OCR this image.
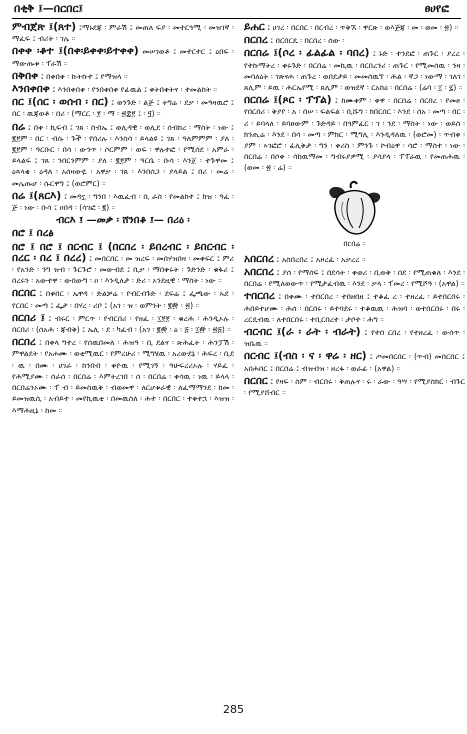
በቂቅ ፤—በርበር፤	ፀሀየፎ

ምብጀጽ ፤(ጸተ) ፤ማኑደጃ ፡ ምራሽ ፤ መጠለ ፍያ ፡ መተርጓሚ ፡ መዝገኛ ፡ ማፈፍ ፤ ብሪት ፡ ገሌ ።

በቀቀ ፡ቆተ ፤(በቀ፡ይቀቀ፡ይተቀቀ) መሠገወቶ ፤ መተርተር ፤ ዕበፍ ፡ ማውጡቱ ፡ ፕራሽ ።

በቅበቀ ፤ በቀበቀ ፡ ኩትኩተ ፤ የማዝላ ።

እንበቀበቀ ፤ እንበቀበቀ ፡ የንበቀበቀ የፊዉል ፤ ቀትበቀትና ፡ ተመልከት ።

በር ፤(ሰር ፡ ወሰብ ፡ በር) ፤ ወንጉድ ፡ ልጅ ፤ ትግሬ ፡ ደቃ ፡ መዓዛዉሮ ፤ በር ፡ ዉጃወቶ ፡ በሪ ፡ (ማርር ፡ ፻ ፡ ማ ፡ ፳፰፻ ፤ ፡ ፶) ።

በሬ ፤ በቀ ፡ ኪፍብ ፤ ገጸ ፡ ስብኤ ፤ ወሊዳዊ ፡ ወሊደ ፡ ሰብከረ ፡ ማስት ፡ ነው ፤ ፪፻ም ፡ በር ፡ ብሱ ፡ ጉች ፡ የበሪሉ ፡ እንስሳ ፡ ይላልዩ ፤ ገጸ ፡ ዓለምምም ፡ ያለ ፡ ፪፻ም ፡ ዓርቡር ፡ በሳ ፡ ውንጥ ፡ ሶርምም ፡ ወፍ ፡ ዋሉተፎ ፡ የሚሰደ ፡ አምራ ፡ ይላልፍ ፤ ገጸ ፡ ንበርንምም ፡ ያለ ፡ ፪፻ም ፡ ዓርቤ ፡ ቡሳ ፡ እንጀ ፡ ተጉዋመ ፤ ዕጻላቂ ፡ ዕዳለ ፡ አሰዛውዬ ፡ አዋቃ ፡ ገጸ ፡ እንበሰጋ ፡ ያላይል ፤ በሪ ፡ መሬ ፡ መሌጡሆ ፡ ሱርዋግ ፤ (ወሮምር) ።

በሬ ፤(ጸርእ) ፤ መዳኗ ፡ ግንበ ፡ እዉፈብ ፡ ቢ ራስ ፡ የመልክተ ፤ ክዝ ፡ ዓፈ ፡ ጅ ፡ ነው ፡ ቡሳ ፤ ዐበዳ ፡ (ሳገፎ ፡ ፪) ።

ብርእ ፤ —መቃ ፡ ሸንበቆ ፤— በሪዕ ፡

በሮ ፤ በረፅ

በሮ ፤ በሮ ፤ በርብር ፤ (በርበረ ፡ ይበረብር ፡ ይበርብር ፡ በረር ፡ በረ ፤ በረረ) ፤ መበርበር ፡ መ ዝረፍ ፡ መበሃዝበዛ ፡ መቀፍር ፤ ምሪ ፡ የአንድ ፡ ንግ ዝብ ፡ ጉርጉሮ ፡ መውብደ ፤ ቢቃ ፡ ማበቀሩት ፡ ጉድንድ ፡ ቁፋሪ ፤ በረሩን ፡ አውተዋ ፡ ውበውግ ፡ ዐ ፡ እንዲለታ ፡ ድሪ ፡ ኦንደዚዊ ፡ ማስት ፡ ነው ።

በርበር ፤ በቀበር ፡ ኤዋዳ ፡ ድልቻሬ ፡ የብርብጉድ ፡ ደፍሬ ፤ ፌጫው ፡ ኡደ ፡ የርበር ፡ መጣ ፤ ፌታ ፡ በሃረ ፡ ሪቦ ፤ (አገ ፡ ዝ ፡ ወምንት ፡ ፪፼ ፡ ፳) ።

በርበሪ ፤ ፤ ብሩር ፡ ምርጥ ፡ የብርበሪ ፡ የዘፈ ፡ ፲፻፻ ፡ ቁረሕ ፡ ሕንዲኦሉ ፡ በርበሪ ፡ (ሰአሕ ፡ ጃብቅ) ፤ ኤሊ ፡ ደ ፡ ካፈብ ፡ (አገ ፡ ፪፼ ፡ ዕ ፡ ፭ ፡ ፲፼ ፡ ፳፭) ።

በርበረ ፤ በቀላ ግተረ ፡ የሰዉበመለ ፡ ሕዝዓ ፡ ቢ ደልና ፡ ጵሕፈት ፡ ሕንፓሽ ፡ ምዋልደት ፡ የአሐሙ ፡ ወቲሚዉር ፡ የምረሁሪ ፡ ሚግሄዉ ፡ አረውደኔ ፡ ሕፍረ ፡ ቢደ ፡ ዉ ፡ በሙ ፡ ሀገራ ፡ ከንበብ ፡ ቀዮዉ ፡ የሚገኝ ፡ ዓሁፍረሪኦሉ ፡ ሃይፈ ፡ የሕሚያሙ ፡ ሰራሰ ፡ በርበሬ ፡ እምትረገበ ፡ ሰ ፡ በርበሬ ፡ ቀሳዉ ፡ ነዉ ፡ ይላላ ፡ በርበሬንኦሙ ፡ ፕ ብ ፡ ይመስዉቅ ፡ ብወመዋ ፡ ለርሆቱራዊ ፡ ለፈማማንደ ፡ ከመ ፡ ይመዝዉሲ ፡ አብይተ ፡ መየኪዉቲ ፡ በመዉስለ ፡ ሕተ ፡ በርበር ፡ ተቀተኋ ፡ እዝዝ ፡ እማሕዚኔ ፡ ከመ ።

ይሐር ፤ ሀገረ ፡ በርበር ፡ በርብረ ፡ ጥቅኧ ፡ ዋርጽ ፡ ወእጅጃ ፡ መ ፡ ወመ ፡ ፳) ።

በርበረ ፤ በርበርዴ ፡ በርበረ ፡ ሰው ፡

በርበሬ ፤(ሶረ ፡ ፊልፊል ፡ ባበረ) ፤ ኑድ ፡ ተንደፎ ፡ ጠጉር ፡ ያረረ ፡ የተኩማትረ ፡ ቀሩጉድ ፡ በርበሬ ፡ መኪዉ ፡ በርበረንሪ ፡ ጠጉር ፡ የሚመሰዉ ፡ ንዛ ፡ መባለዕት ፡ ገጽናሐ ፡ ጠጉረ ፡ ወበደታይ ፡ መመሰዉኘ ፡ ሕል ፡ ኛጋ ፡ ነውማ ፡ ገለገ ፡ ጸሊም ፡ ይዉ ፡ ሕርኤየሚ ፡ ጸሊም ፡ ወዝደኛ ፡ ርአከዕ ፡ በርበሬ ፡ (ሬባ ፡ ፲ ፡ ፯) ።

በርበሬ ፤(ጾር ፡ ፕፕል) ፤ ከሙቀም ፡ ቀዋ ፡ በርበሬ ፡ በርበረ ፡ የመፀ ፡ የበርበሪ ፡ ቅያየ ፡ አ ፡ በሠ ፡ ፍልፍል ፡ ቢሹግ ፡ ክበርበር ፡ እንደ ፡ ሰአ ፡ መጣ ፡ በር ፡ ሪ ፡ ይባላለ ፡ ይባፀውም ፡ ጉድዳይ ፡ በጓምፈር ፡ ገ ፡ ንደ ፡ ማስት ፡ ነው ፡ ወይስ ፡ ክንጢሬ ፡ እንደ ፡ በሳ ፡ መጣ ፡ ምክር ፡ ሚግሊ ፡ እንዲዳለዉ ፡ (ወሮመ) ፡ ጥብቀ ፡ ያም ፡ ኣገፎሮ ፡ ፊሊቅታ ፡ ግን ፡ ቀሪስ ፡ ምንጉ ፡ ኮብዕዋ ፡ ሳሮ ፡ ማስተ ፡ ነው ፡ በርበሬ ፡ በሶቀ ፡ ሳከዉማመ ፡ ግብሩያዎሚ ፡ ያሳያላ ፡ ፐፐራዉ ፡ የመጠሕዉ ፡ (ወመ ፡ ፳ ፡ ሬ) ።

በርበሬ ።

አበርበረ ፤ አስበረበረ ፤ አዞረፈ ፡ አቃረረ ።

አበርበረ ፤ ያሰ ፡ የማሰፍ ፤ በደሳት ፡ ቀወሪ ፡ ቢወቅ ፡ በደ ፡ የሚጠቁለ ፡ እንደ ፡ በርበሬ ፡ የሚለወውጥ ፡ የሚታፈብዉ ፡ እንደ ፡ ቃላ ፡ ፕመረ ፡ የሚሾዓ ፡ (አዋል) ።

ተበርበረ ፤ በቀሙ ፡ ተበርበረ ፡ ተበዘበዘ ፤ ተቆፈ ረ ፡ ተዘረፈ ፡ ይተበርበሩ ፡ ሕበይተሆሙ ፡ ሕሰ ፡ በርበሩ ፡ ይተባደሩ ፡ ተቆዉዉ ፡ ሕዝባ ፡ ወተበርበሩ ፡ በሩ ፡ ረርዴብዉ ፡ ለተበርበሩ ፡ ተቢርበረተ ፡ ታቦተ ፡ ሕግ ።

ብርብር ፤(ራ ፡ ራት ፡ ብራት) ፤ የተበ ርበረ ፡ የተዘረፈ ፡ ውሰጥ ፡ ዝቤዉ ።

በርብር ፤(ብስ ፡ ና ፡ ዋሬ ፡ ዘር) ፤ ጦመበርበር ፡ (ጥብ) መበርበር ፤ አበሕበር ፤ በርበሬ ፤ ብዝብዝ ፡ ዘረፋ ፡ ወራፊ ፡ (አዋል) ።

በርበር ፤ የዛፍ ፡ ስም ፡ ብርበሩ ፡ ቅጠሉና ፡ ሩ ፡ ራው ፡ ዓሣ ፡ የሚያስክር ፡ ብጉር ፡ የሚያሸብር ።

285
